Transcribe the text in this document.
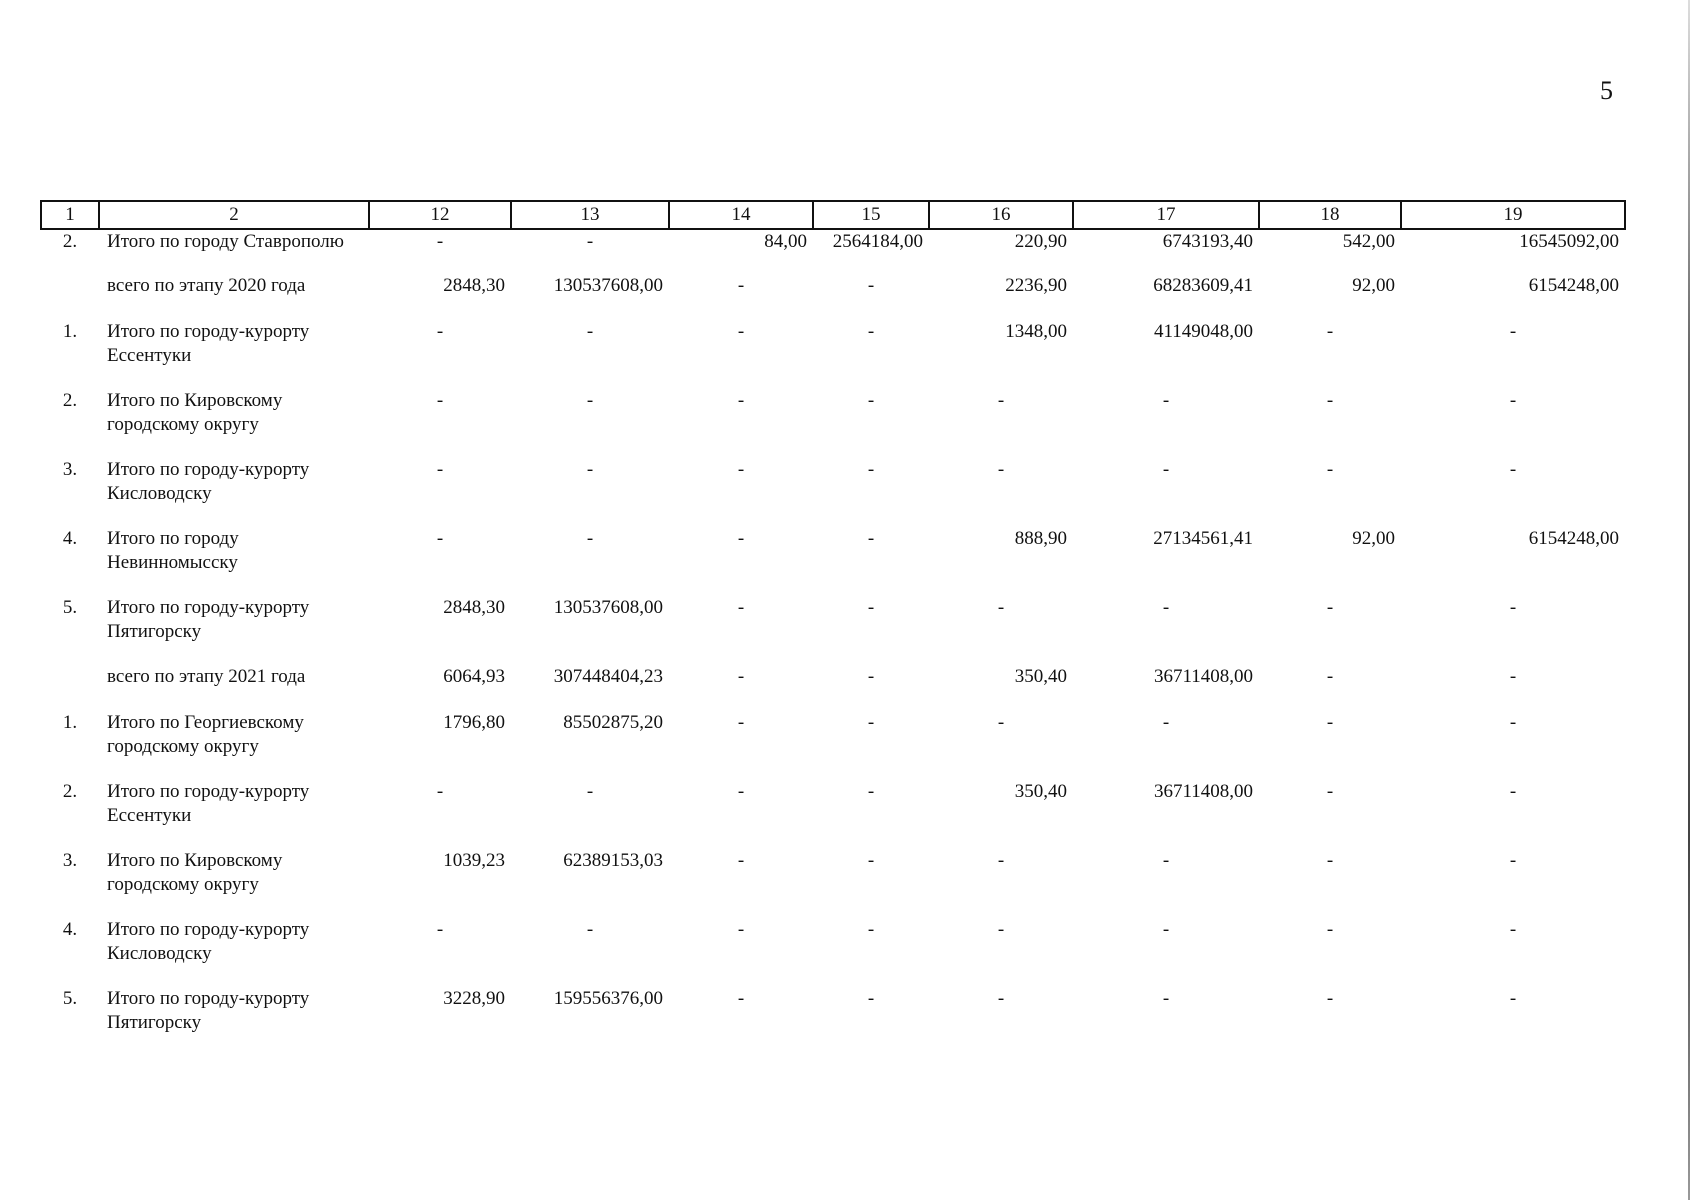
5
1	2	12	13	14	15	16	17	18	19
2.	Итого по городу Ставрополю	-	-	84,00	2564184,00	220,90	6743193,40	542,00	16545092,00
	всего по этапу 2020 года	2848,30	130537608,00	-	-	2236,90	68283609,41	92,00	6154248,00
1.	Итого по городу-курорту Ессентуки	-	-	-	-	1348,00	41149048,00	-	-
2.	Итого по Кировскому городскому округу	-	-	-	-	-	-	-	-
3.	Итого по городу-курорту Кисловодску	-	-	-	-	-	-	-	-
4.	Итого по городу Невинномысску	-	-	-	-	888,90	27134561,41	92,00	6154248,00
5.	Итого по городу-курорту Пятигорску	2848,30	130537608,00	-	-	-	-	-	-
	всего по этапу 2021 года	6064,93	307448404,23	-	-	350,40	36711408,00	-	-
1.	Итого по Георгиевскому городскому округу	1796,80	85502875,20	-	-	-	-	-	-
2.	Итого по городу-курорту Ессентуки	-	-	-	-	350,40	36711408,00	-	-
3.	Итого по Кировскому городскому округу	1039,23	62389153,03	-	-	-	-	-	-
4.	Итого по городу-курорту Кисловодску	-	-	-	-	-	-	-	-
5.	Итого по городу-курорту Пятигорску	3228,90	159556376,00	-	-	-	-	-	-
